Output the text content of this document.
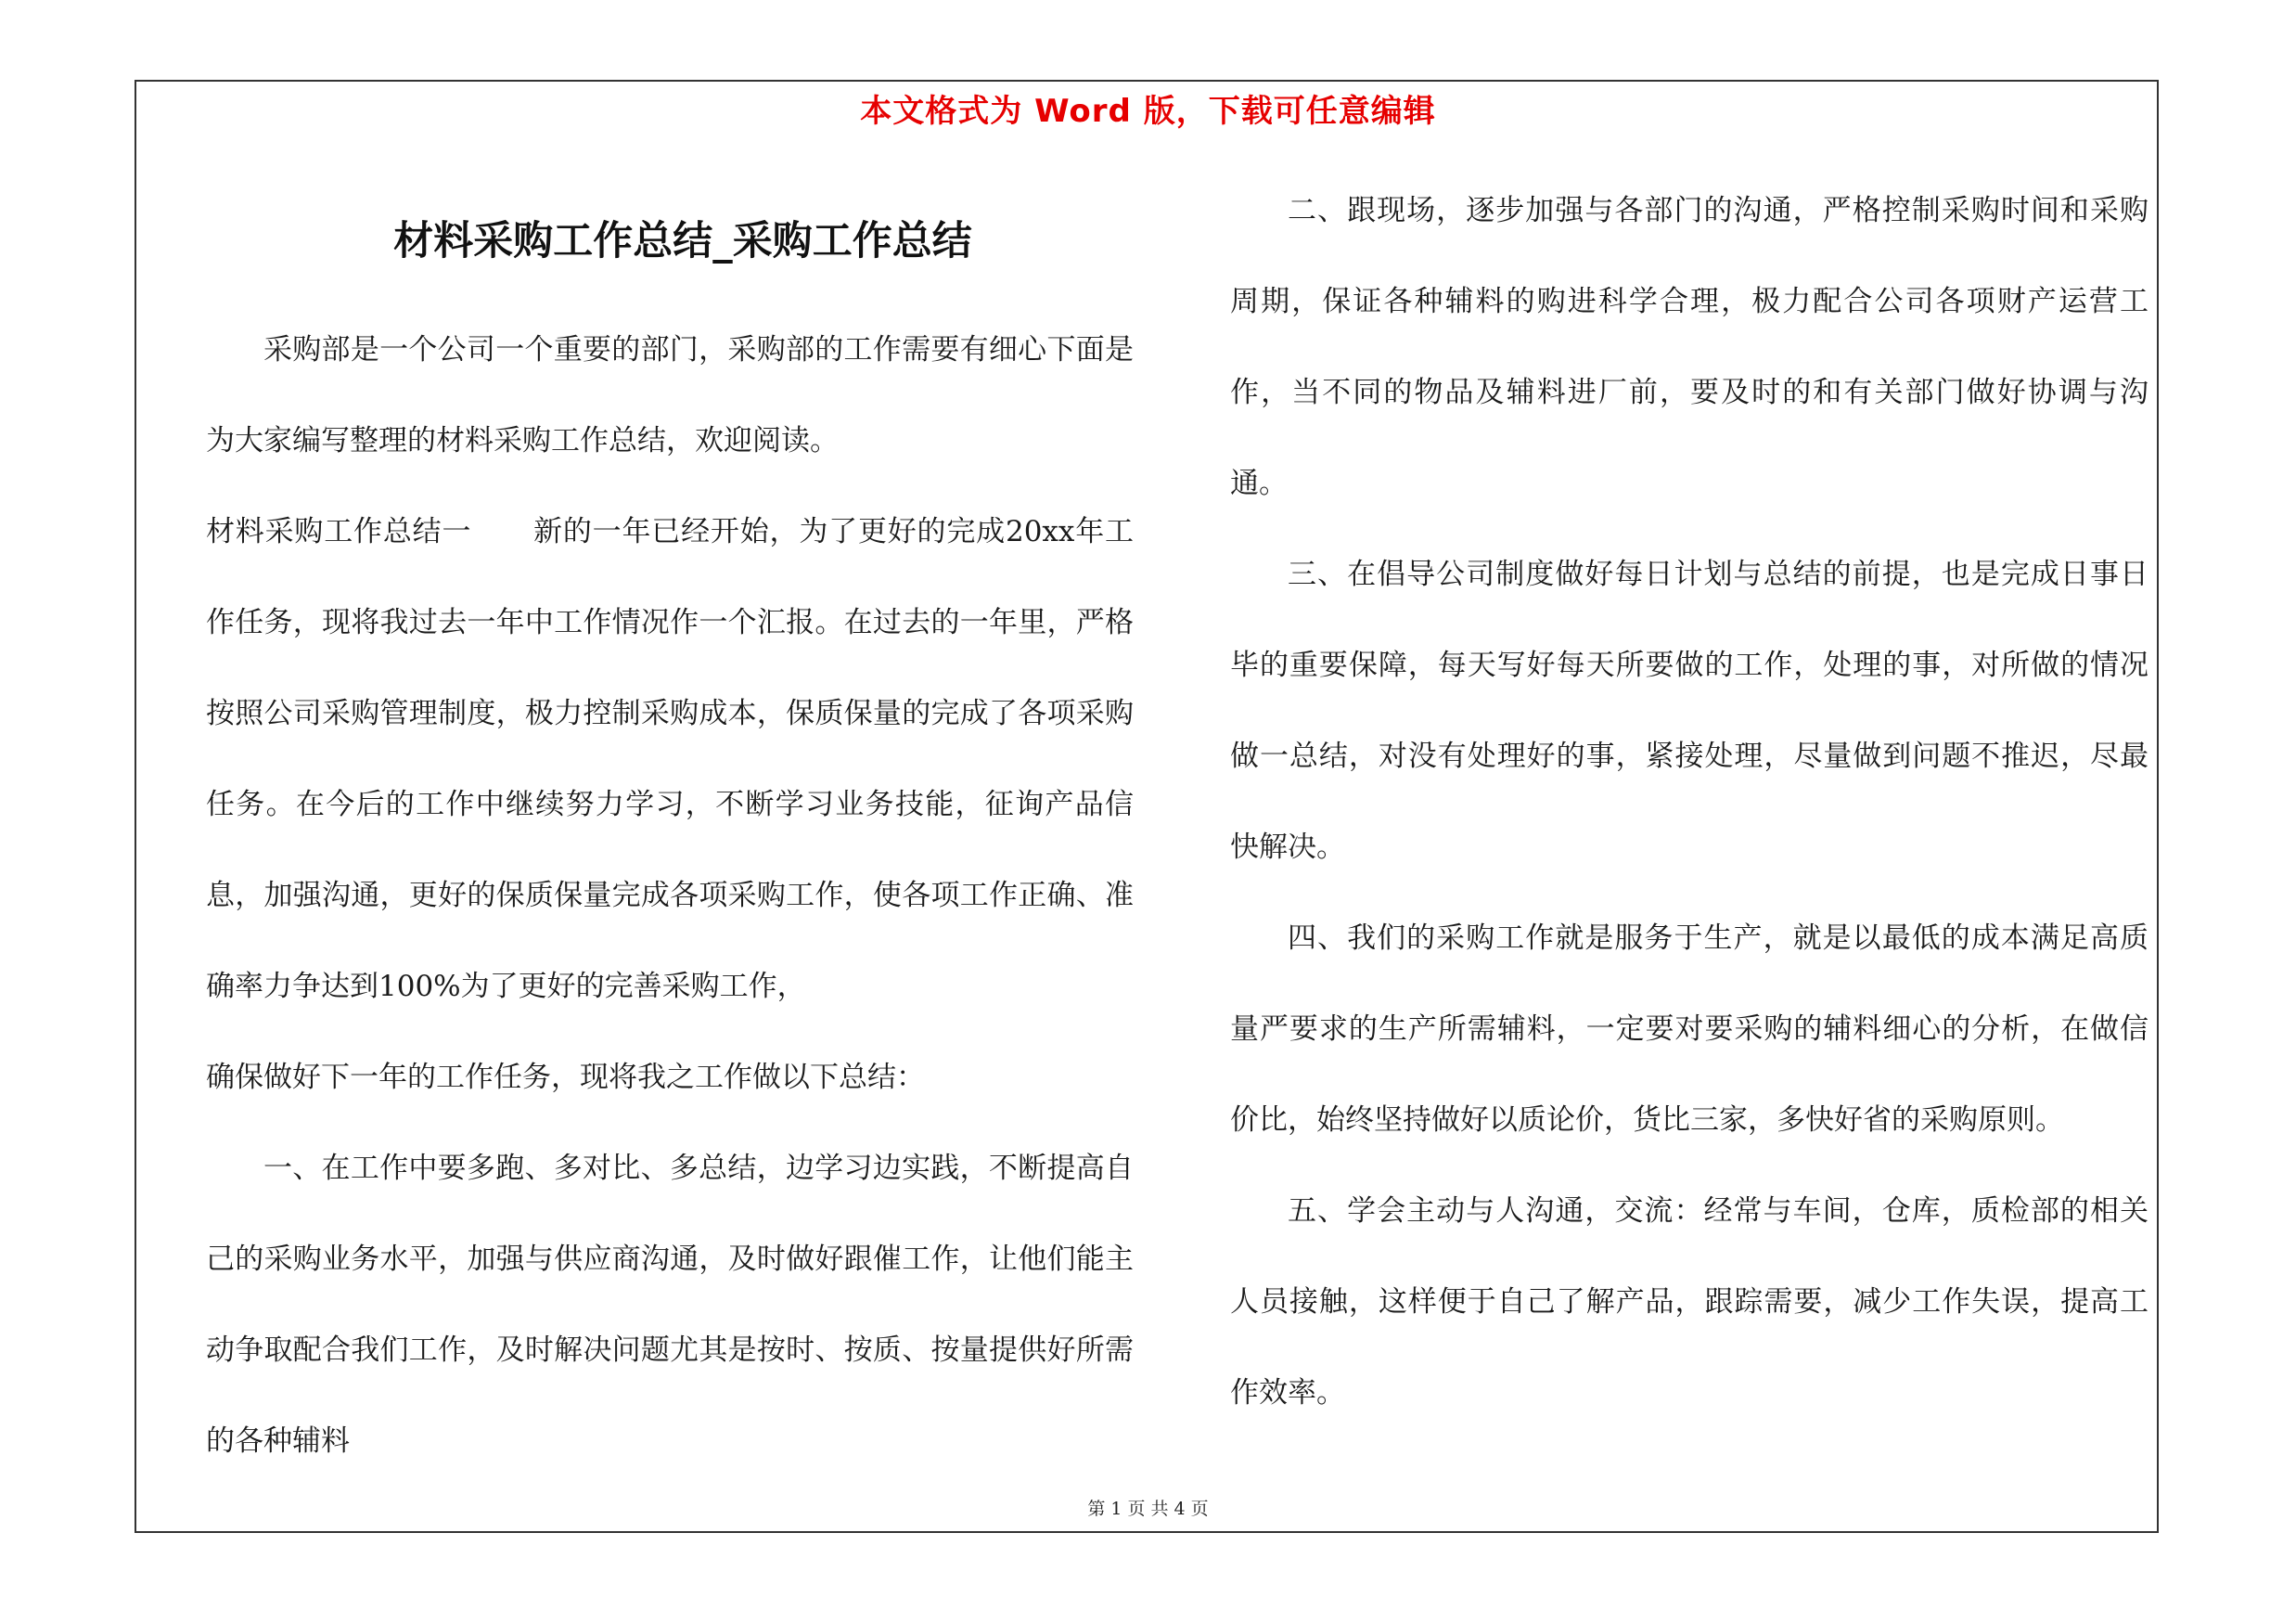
本文格式为 Word 版，下载可任意编辑
材料采购工作总结_采购工作总结

采购部是一个公司一个重要的部门，采购部的工作需要有细心下面是为大家编写整理的材料采购工作总结，欢迎阅读。

材料采购工作总结一 新的一年已经开始，为了更好的完成20xx年工作任务，现将我过去一年中工作情况作一个汇报。在过去的一年里，严格按照公司采购管理制度，极力控制采购成本，保质保量的完成了各项采购任务。在今后的工作中继续努力学习，不断学习业务技能，征询产品信息，加强沟通，更好的保质保量完成各项采购工作，使各项工作正确、准确率力争达到100%为了更好的完善采购工作，

确保做好下一年的工作任务，现将我之工作做以下总结：

一、在工作中要多跑、多对比、多总结，边学习边实践，不断提高自己的采购业务水平，加强与供应商沟通，及时做好跟催工作，让他们能主动争取配合我们工作，及时解决问题尤其是按时、按质、按量提供好所需的各种辅料

二、跟现场，逐步加强与各部门的沟通，严格控制采购时间和采购周期，保证各种辅料的购进科学合理，极力配合公司各项财产运营工作，当不同的物品及辅料进厂前，要及时的和有关部门做好协调与沟通。

三、在倡导公司制度做好每日计划与总结的前提，也是完成日事日毕的重要保障，每天写好每天所要做的工作，处理的事，对所做的情况做一总结，对没有处理好的事，紧接处理，尽量做到问题不推迟，尽最快解决。

四、我们的采购工作就是服务于生产，就是以最低的成本满足高质量严要求的生产所需辅料，一定要对要采购的辅料细心的分析，在做信价比，始终坚持做好以质论价，货比三家，多快好省的采购原则。

五、学会主动与人沟通，交流：经常与车间，仓库，质检部的相关人员接触，这样便于自己了解产品，跟踪需要，减少工作失误，提高工作效率。

第 1 页 共 4 页
